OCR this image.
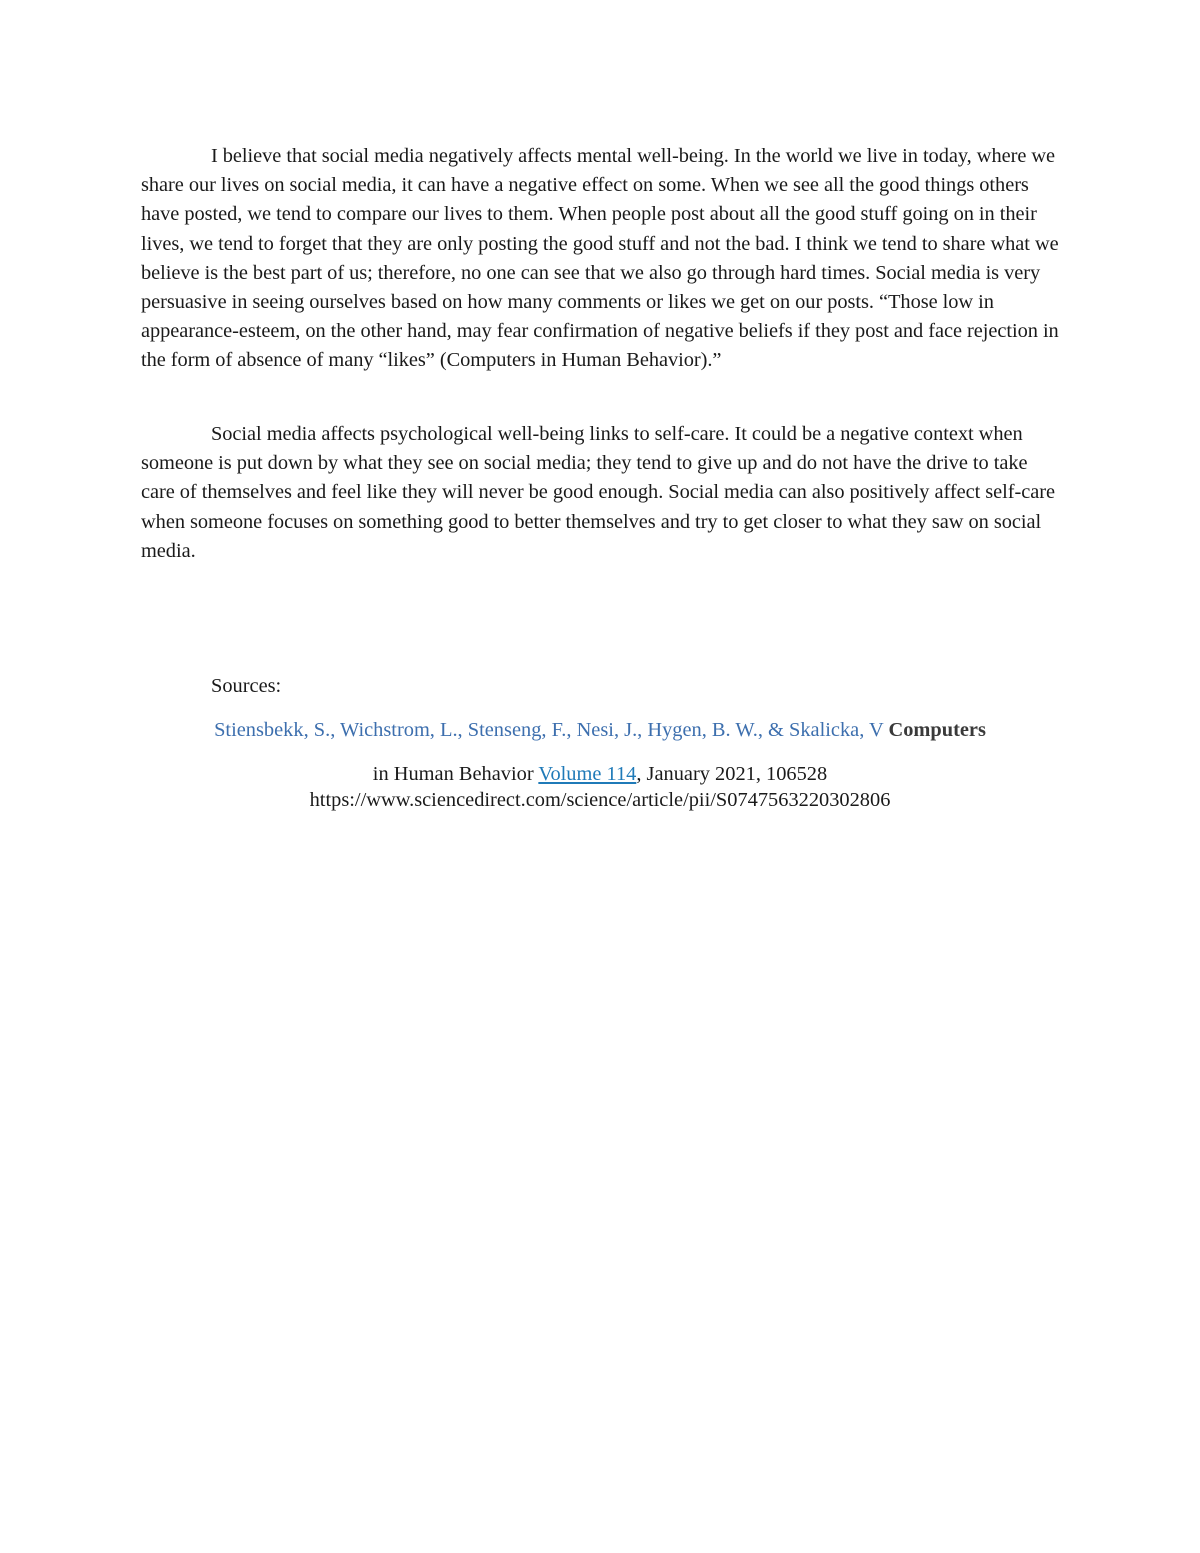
I believe that social media negatively affects mental well-being. In the world we live in today, where we share our lives on social media, it can have a negative effect on some. When we see all the good things others have posted, we tend to compare our lives to them. When people post about all the good stuff going on in their lives, we tend to forget that they are only posting the good stuff and not the bad. I think we tend to share what we believe is the best part of us; therefore, no one can see that we also go through hard times. Social media is very persuasive in seeing ourselves based on how many comments or likes we get on our posts. “Those low in appearance-esteem, on the other hand, may fear confirmation of negative beliefs if they post and face rejection in the form of absence of many “likes” (Computers in Human Behavior).”

Social media affects psychological well-being links to self-care. It could be a negative context when someone is put down by what they see on social media; they tend to give up and do not have the drive to take care of themselves and feel like they will never be good enough. Social media can also positively affect self-care when someone focuses on something good to better themselves and try to get closer to what they saw on social media.

Sources:

Stiensbekk, S., Wichstrom, L., Stenseng, F., Nesi, J., Hygen, B. W., & Skalicka, V Computers

in Human Behavior Volume 114, January 2021, 106528
https://www.sciencedirect.com/science/article/pii/S0747563220302806
